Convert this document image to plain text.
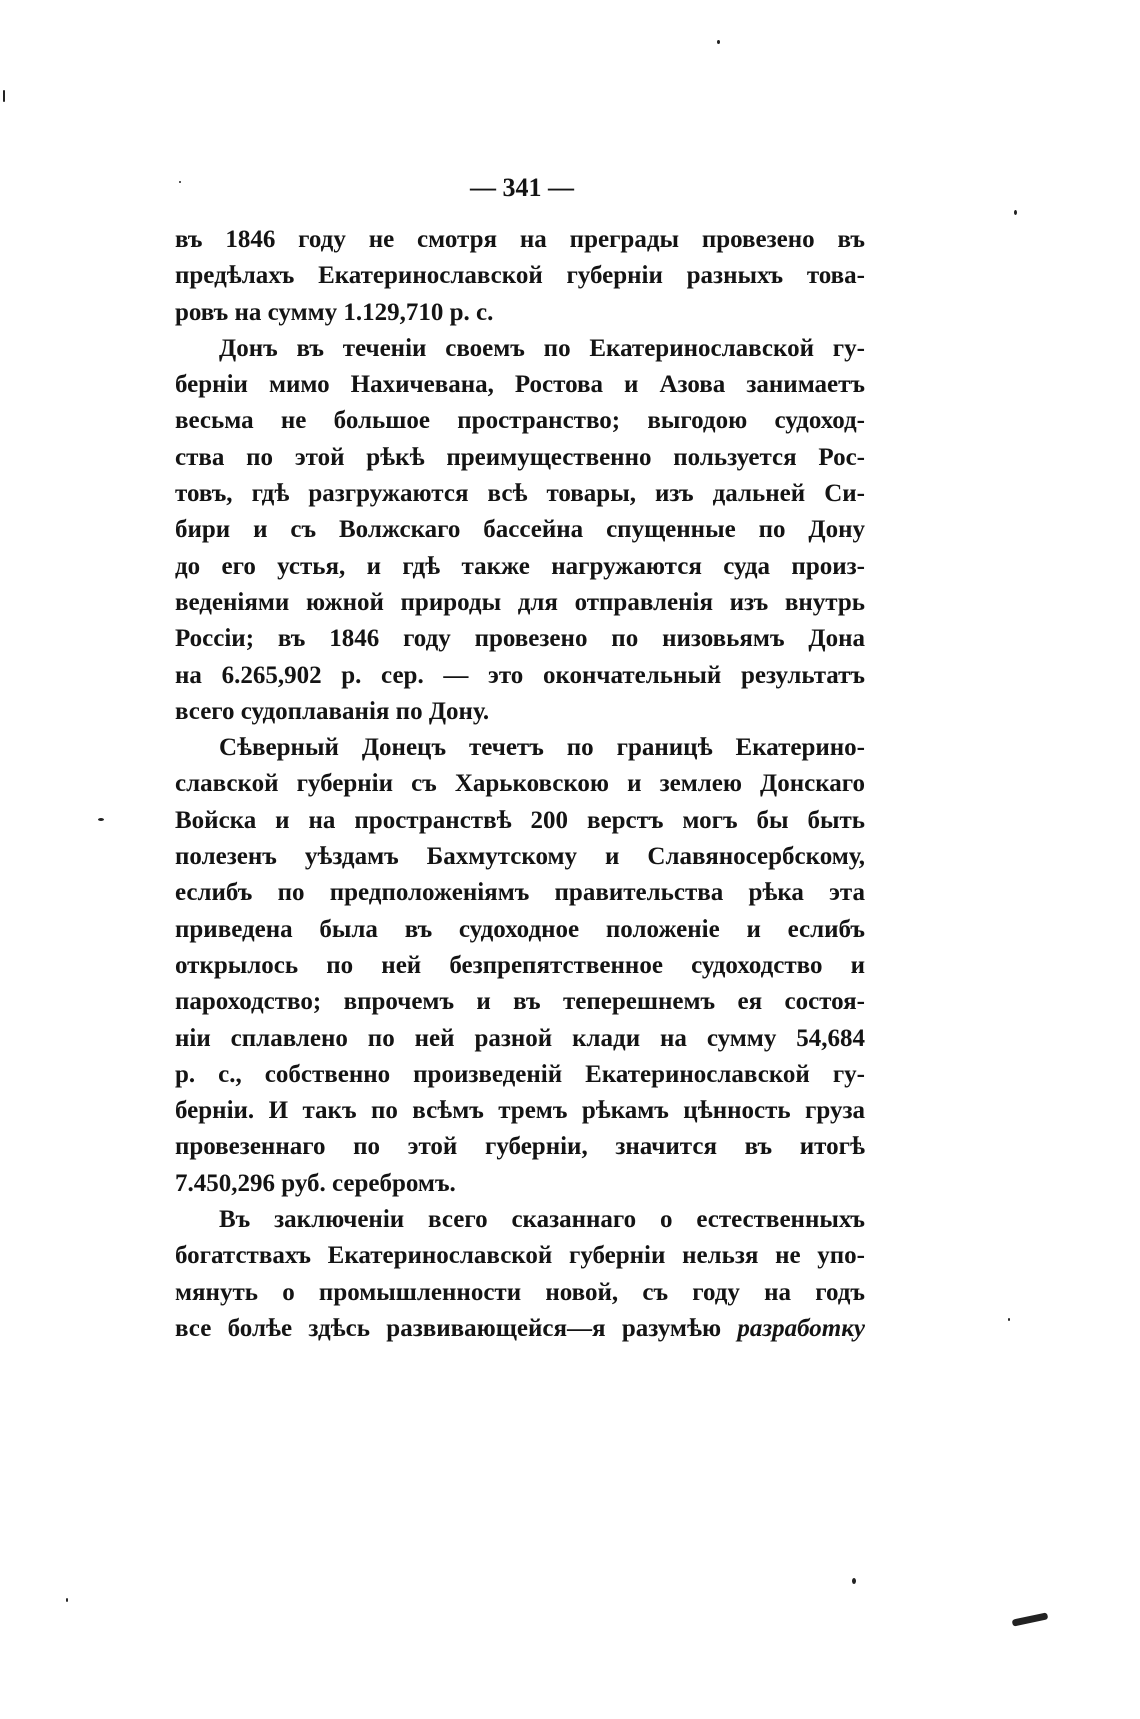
— 341 —
въ 1846 году не смотря на преграды провезено въ
предѣлахъ Екатеринославской губерніи разныхъ това-
ровъ на сумму 1.129,710 р. с.
Донъ въ теченіи своемъ по Екатеринославской гу-
берніи мимо Нахичевана, Ростова и Азова занимаетъ
весьма не большое пространство; выгодою судоход-
ства по этой рѣкѣ преимущественно пользуется Рос-
товъ, гдѣ разгружаются всѣ товары, изъ дальней Си-
бири и съ Волжскаго бассейна спущенные по Дону
до его устья, и гдѣ также нагружаются суда произ-
веденіями южной природы для отправленія изъ внутрь
Россіи; въ 1846 году провезено по низовьямъ Дона
на 6.265,902 р. сер. — это окончательный результатъ
всего судоплаванія по Дону.
Сѣверный Донецъ течетъ по границѣ Екатерино-
славской губерніи съ Харьковскою и землею Донскаго
Войска и на пространствѣ 200 верстъ могъ бы быть
полезенъ уѣздамъ Бахмутскому и Славяносербскому,
еслибъ по предположеніямъ правительства рѣка эта
приведена была въ судоходное положеніе и еслибъ
открылось по ней безпрепятственное судоходство и
пароходство; впрочемъ и въ теперешнемъ ея состоя-
ніи сплавлено по ней разной клади на сумму 54,684
р. с., собственно произведеній Екатеринославской гу-
берніи. И такъ по всѣмъ тремъ рѣкамъ цѣнность груза
провезеннаго по этой губерніи, значится въ итогѣ
7.450,296 руб. серебромъ.
Въ заключеніи всего сказаннаго о естественныхъ
богатствахъ Екатеринославской губерніи нельзя не упо-
мянуть о промышленности новой, съ году на годъ
все болѣе здѣсь развивающейся—я разумѣю разработку
